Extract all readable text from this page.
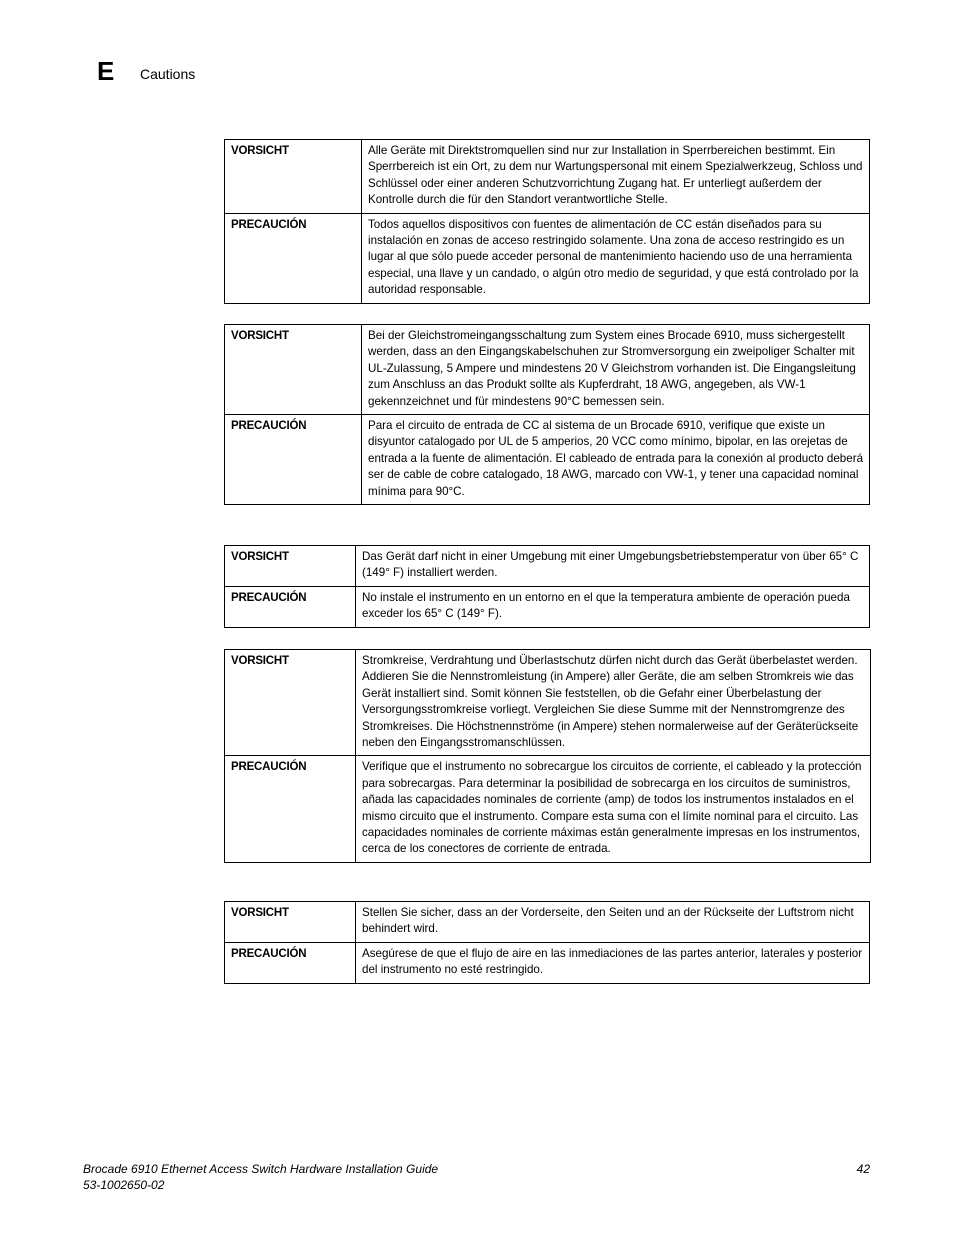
E Cautions
VORSICHT	Alle Geräte mit Direktstromquellen sind nur zur Installation in Sperrbereichen bestimmt. Ein Sperrbereich ist ein Ort, zu dem nur Wartungspersonal mit einem Spezialwerkzeug, Schloss und Schlüssel oder einer anderen Schutzvorrichtung Zugang hat. Er unterliegt außerdem der Kontrolle durch die für den Standort verantwortliche Stelle.
PRECAUCIÓN	Todos aquellos dispositivos con fuentes de alimentación de CC están diseñados para su instalación en zonas de acceso restringido solamente. Una zona de acceso restringido es un lugar al que sólo puede acceder personal de mantenimiento haciendo uso de una herramienta especial, una llave y un candado, o algún otro medio de seguridad, y que está controlado por la autoridad responsable.
VORSICHT	Bei der Gleichstromeingangsschaltung zum System eines Brocade 6910, muss sichergestellt werden, dass an den Eingangskabelschuhen zur Stromversorgung ein zweipoliger Schalter mit UL-Zulassung, 5 Ampere und mindestens 20 V Gleichstrom vorhanden ist. Die Eingangsleitung zum Anschluss an das Produkt sollte als Kupferdraht, 18 AWG, angegeben, als VW-1 gekennzeichnet und für mindestens 90°C bemessen sein.
PRECAUCIÓN	Para el circuito de entrada de CC al sistema de un Brocade 6910, verifique que existe un disyuntor catalogado por UL de 5 amperios, 20 VCC como mínimo, bipolar, en las orejetas de entrada a la fuente de alimentación. El cableado de entrada para la conexión al producto deberá ser de cable de cobre catalogado, 18 AWG, marcado con VW-1, y tener una capacidad nominal mínima para 90°C.
VORSICHT	Das Gerät darf nicht in einer Umgebung mit einer Umgebungsbetriebstemperatur von über 65° C (149° F) installiert werden.
PRECAUCIÓN	No instale el instrumento en un entorno en el que la temperatura ambiente de operación pueda exceder los 65° C (149° F).
VORSICHT	Stromkreise, Verdrahtung und Überlastschutz dürfen nicht durch das Gerät überbelastet werden. Addieren Sie die Nennstromleistung (in Ampere) aller Geräte, die am selben Stromkreis wie das Gerät installiert sind. Somit können Sie feststellen, ob die Gefahr einer Überbelastung der Versorgungsstromkreise vorliegt. Vergleichen Sie diese Summe mit der Nennstromgrenze des Stromkreises. Die Höchstnennströme (in Ampere) stehen normalerweise auf der Geräterückseite neben den Eingangsstromanschlüssen.
PRECAUCIÓN	Verifique que el instrumento no sobrecargue los circuitos de corriente, el cableado y la protección para sobrecargas. Para determinar la posibilidad de sobrecarga en los circuitos de suministros, añada las capacidades nominales de corriente (amp) de todos los instrumentos instalados en el mismo circuito que el instrumento. Compare esta suma con el límite nominal para el circuito. Las capacidades nominales de corriente máximas están generalmente impresas en los instrumentos, cerca de los conectores de corriente de entrada.
VORSICHT	Stellen Sie sicher, dass an der Vorderseite, den Seiten und an der Rückseite der Luftstrom nicht behindert wird.
PRECAUCIÓN	Asegúrese de que el flujo de aire en las inmediaciones de las partes anterior, laterales y posterior del instrumento no esté restringido.
Brocade 6910 Ethernet Access Switch Hardware Installation Guide
53-1002650-02
42
